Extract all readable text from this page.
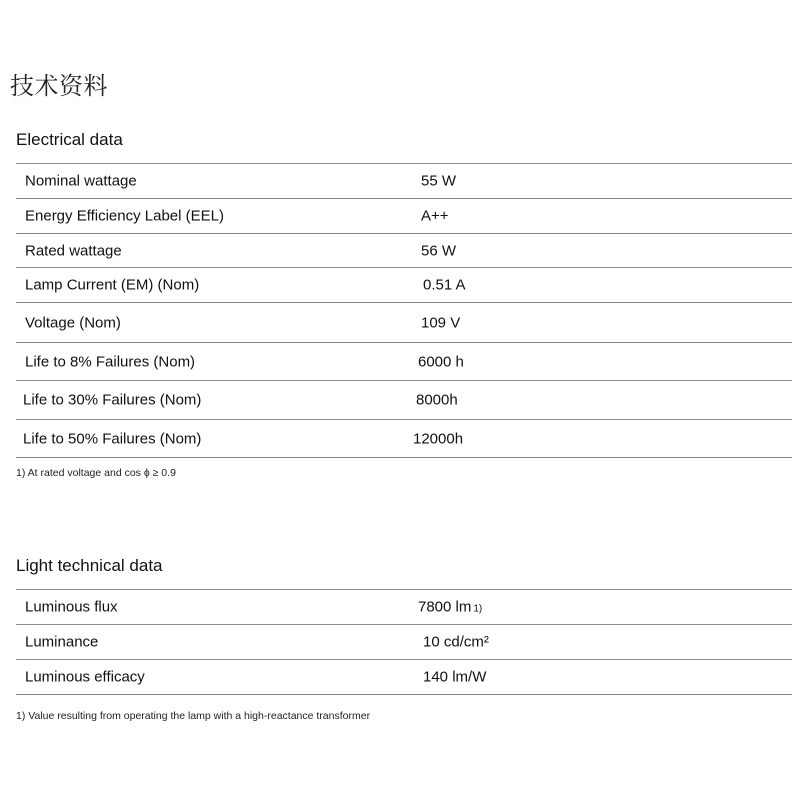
技术资料
Electrical data
Nominal wattage	55 W
Energy Efficiency Label (EEL)	A++
Rated wattage	56 W
Lamp Current (EM) (Nom)	0.51 A
Voltage (Nom)	109 V
Life to 8% Failures (Nom)	6000 h
Life to 30% Failures (Nom)	8000h
Life to 50% Failures (Nom)	12000h
1) At rated voltage and cos ϕ ≥ 0.9
Light technical data
Luminous flux	7800 lm 1)
Luminance	10 cd/cm²
Luminous efficacy	140 lm/W
1) Value resulting from operating the lamp with a high-reactance transformer
